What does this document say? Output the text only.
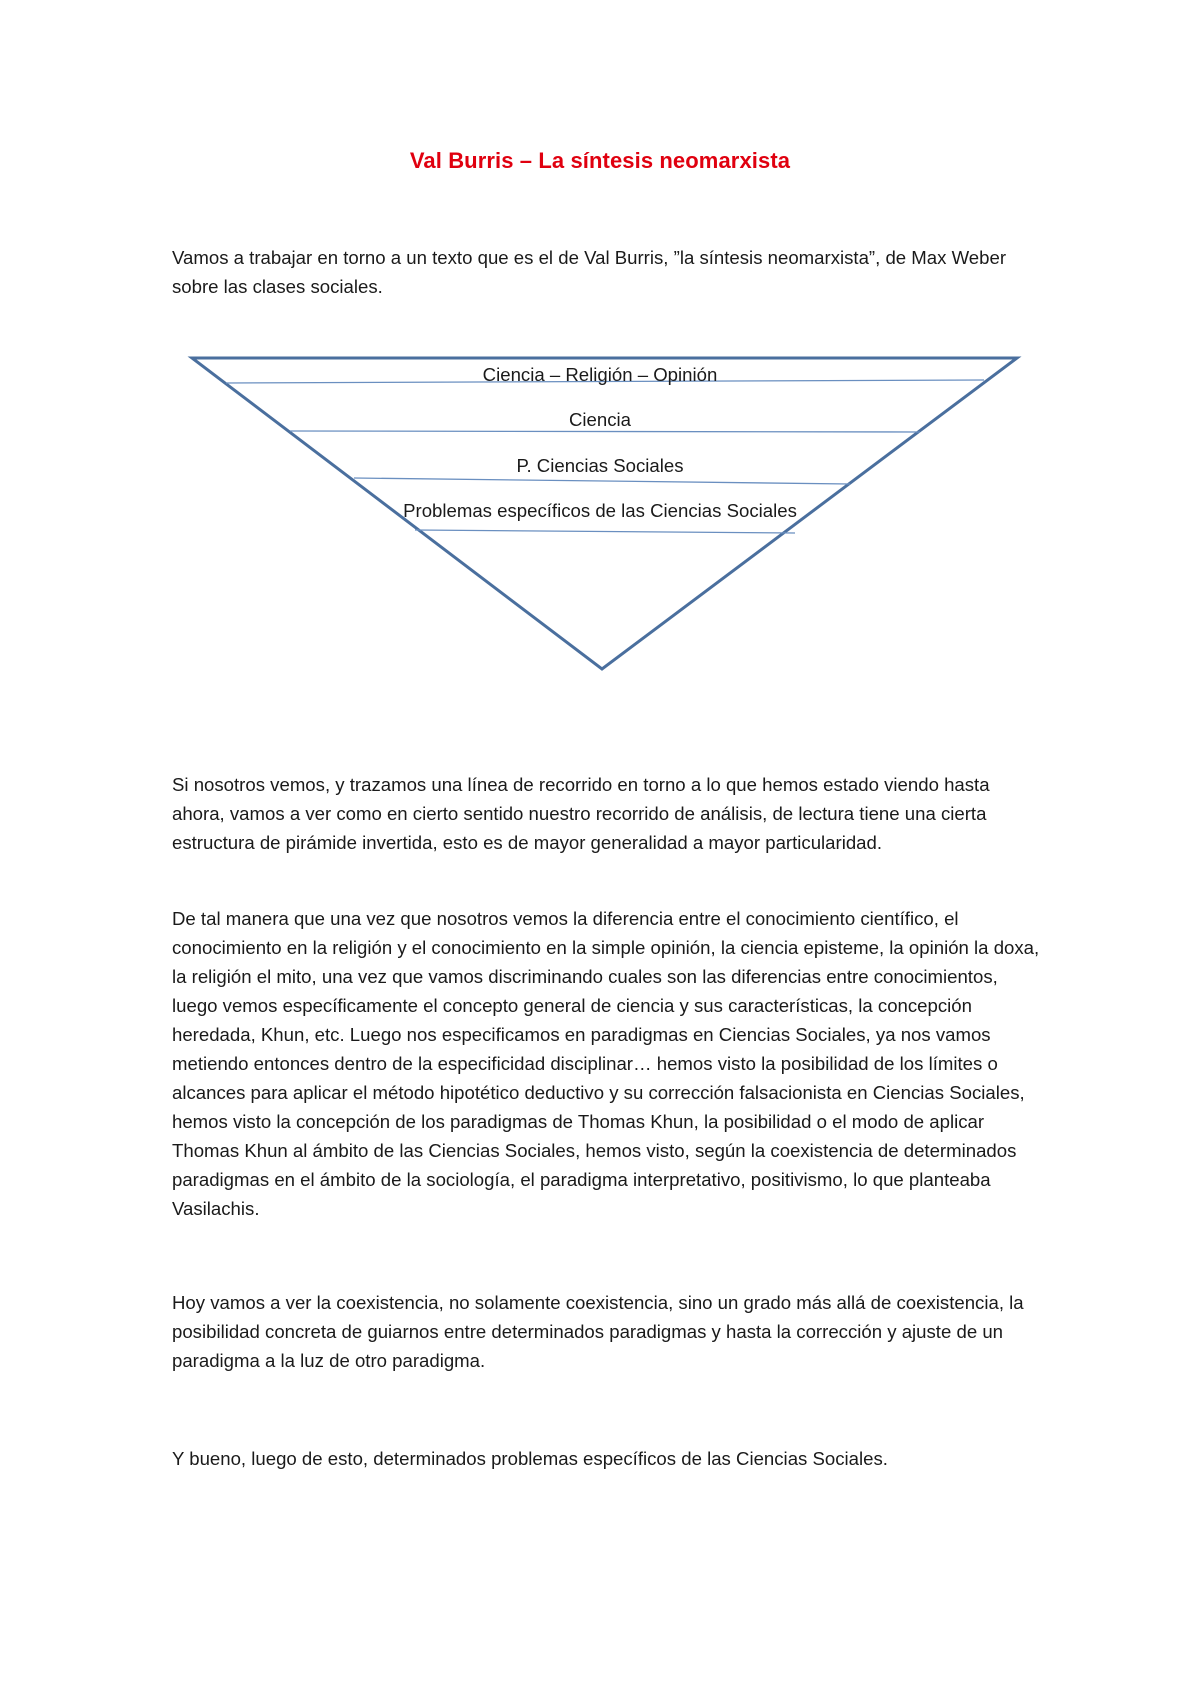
Val Burris – La síntesis neomarxista

Vamos a trabajar en torno a un texto que es el de Val Burris, ”la síntesis neomarxista”, de Max Weber sobre las clases sociales.

Ciencia – Religión – Opinión
Ciencia
P. Ciencias Sociales
Problemas específicos de las Ciencias Sociales

Si nosotros vemos, y trazamos una línea de recorrido en torno a lo que hemos estado viendo hasta ahora, vamos a ver como en cierto sentido nuestro recorrido de análisis, de lectura tiene una cierta estructura de pirámide invertida, esto es de mayor generalidad a mayor particularidad.

De tal manera que una vez que nosotros vemos la diferencia entre el conocimiento científico, el conocimiento en la religión y el conocimiento en la simple opinión, la ciencia episteme, la opinión la doxa, la religión el mito, una vez que vamos discriminando cuales son las diferencias entre conocimientos, luego vemos específicamente el concepto general de ciencia y sus características, la concepción heredada, Khun, etc. Luego nos especificamos en paradigmas en Ciencias Sociales, ya nos vamos metiendo entonces dentro de la especificidad disciplinar… hemos visto la posibilidad de los límites o alcances para aplicar el método hipotético deductivo y su corrección falsacionista en Ciencias Sociales, hemos visto la concepción de los paradigmas de Thomas Khun, la posibilidad o el modo de aplicar Thomas Khun al ámbito de las Ciencias Sociales, hemos visto, según la coexistencia de determinados paradigmas en el ámbito de la sociología, el paradigma interpretativo, positivismo, lo que planteaba Vasilachis.

Hoy vamos a ver la coexistencia, no solamente coexistencia, sino un grado más allá de coexistencia, la posibilidad concreta de guiarnos entre determinados paradigmas y hasta la corrección y ajuste de un paradigma a la luz de otro paradigma.

Y bueno, luego de esto, determinados problemas específicos de las Ciencias Sociales.
